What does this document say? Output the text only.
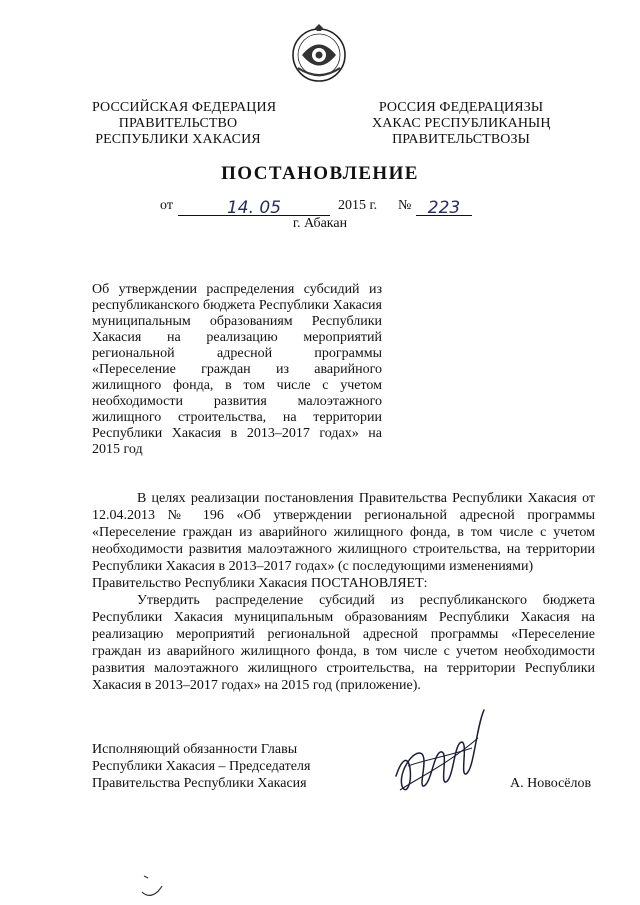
РОССИЙСКАЯ ФЕДЕРАЦИЯ
ПРАВИТЕЛЬСТВО
РЕСПУБЛИКИ ХАКАСИЯ
РОССИЯ ФЕДЕРАЦИЯЗЫ
ХАКАС РЕСПУБЛИКАНЫҢ
ПРАВИТЕЛЬСТВОЗЫ
ПОСТАНОВЛЕНИЕ
от	14. 05	2015 г. № 223
г. Абакан
Об утверждении распределения субсидий из республиканского бюджета Республики Хакасия муниципальным образованиям Республики Хакасия на реализацию мероприятий региональной адресной программы «Переселение граждан из аварийного жилищного фонда, в том числе с учетом необходимости развития малоэтажного жилищного строительства, на территории Республики Хакасия в 2013–2017 годах» на 2015 год

В целях реализации постановления Правительства Республики Хакасия от 12.04.2013 № 196 «Об утверждении региональной адресной программы «Переселение граждан из аварийного жилищного фонда, в том числе с учетом необходимости развития малоэтажного жилищного строительства, на территории Республики Хакасия в 2013–2017 годах» (с последующими изменениями)

Правительство Республики Хакасия ПОСТАНОВЛЯЕТ:

Утвердить распределение субсидий из республиканского бюджета Республики Хакасия муниципальным образованиям Республики Хакасия на реализацию мероприятий региональной адресной программы «Переселение граждан из аварийного жилищного фонда, в том числе с учетом необходимости развития малоэтажного жилищного строительства, на территории Республики Хакасия в 2013–2017 годах» на 2015 год (приложение).

Исполняющий обязанности Главы
Республики Хакасия – Председателя
Правительства Республики Хакасия	А. Новосёлов
